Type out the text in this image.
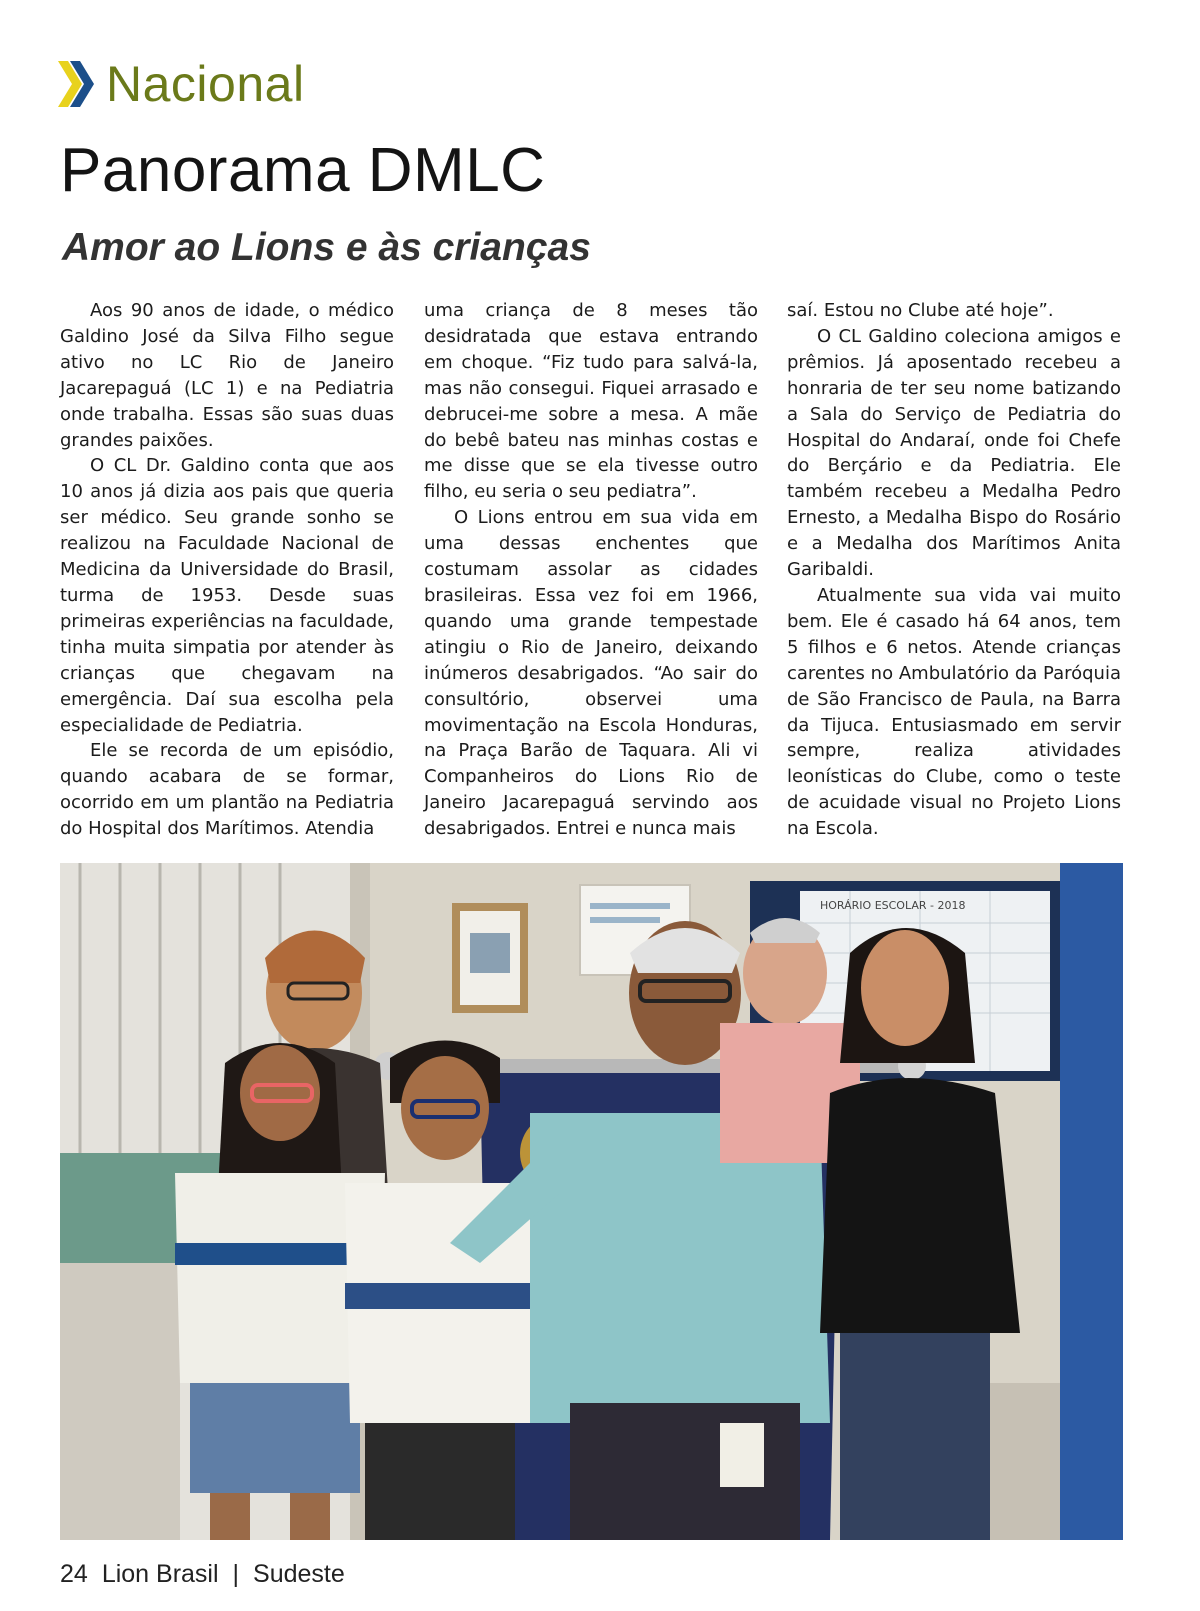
Nacional
Panorama DMLC
Amor ao Lions e às crianças

Aos 90 anos de idade, o médico Galdino José da Silva Filho segue ativo no LC Rio de Janeiro Jacarepaguá (LC 1) e na Pediatria onde trabalha. Essas são suas duas grandes paixões.

O CL Dr. Galdino conta que aos 10 anos já dizia aos pais que queria ser médico. Seu grande sonho se realizou na Faculdade Nacional de Medicina da Universidade do Brasil, turma de 1953. Desde suas primeiras experiências na faculdade, tinha muita simpatia por atender às crianças que chegavam na emergência. Daí sua escolha pela especialidade de Pediatria.

Ele se recorda de um episódio, quando acabara de se formar, ocorrido em um plantão na Pediatria do Hospital dos Marítimos. Atendia

uma criança de 8 meses tão desidratada que estava entrando em choque. “Fiz tudo para salvá-la, mas não consegui. Fiquei arrasado e debrucei-me sobre a mesa. A mãe do bebê bateu nas minhas costas e me disse que se ela tivesse outro filho, eu seria o seu pediatra”.

O Lions entrou em sua vida em uma dessas enchentes que costumam assolar as cidades brasileiras. Essa vez foi em 1966, quando uma grande tempestade atingiu o Rio de Janeiro, deixando inúmeros desabrigados. “Ao sair do consultório, observei uma movimentação na Escola Honduras, na Praça Barão de Taquara. Ali vi Companheiros do Lions Rio de Janeiro Jacarepaguá servindo aos desabrigados. Entrei e nunca mais

saí. Estou no Clube até hoje”.

O CL Galdino coleciona amigos e prêmios. Já aposentado recebeu a honraria de ter seu nome batizando a Sala do Serviço de Pediatria do Hospital do Andaraí, onde foi Chefe do Berçário e da Pediatria. Ele também recebeu a Medalha Pedro Ernesto, a Medalha Bispo do Rosário e a Medalha dos Marítimos Anita Garibaldi.

Atualmente sua vida vai muito bem. Ele é casado há 64 anos, tem 5 filhos e 6 netos. Atende crianças carentes no Ambulatório da Paróquia de São Francisco de Paula, na Barra da Tijuca. Entusiasmado em servir sempre, realiza atividades leonísticas do Clube, como o teste de acuidade visual no Projeto Lions na Escola.

HORÁRIO ESCOLAR - 2018
24 Lion Brasil | Sudeste
